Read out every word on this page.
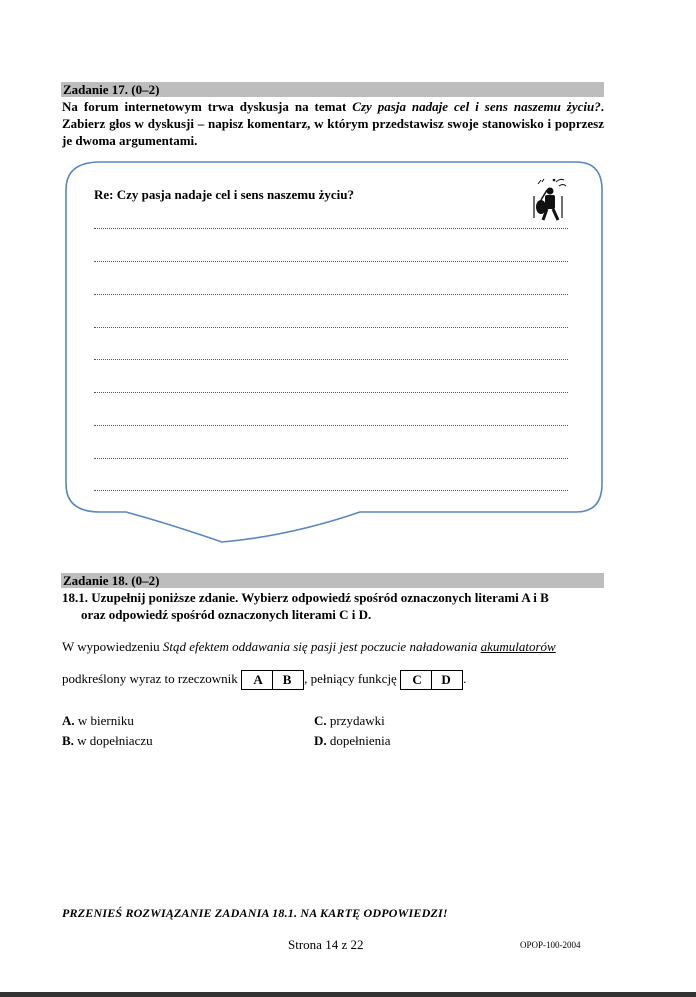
Zadanie 17. (0–2)
Na forum internetowym trwa dyskusja na temat Czy pasja nadaje cel i sens naszemu życiu?. Zabierz głos w dyskusji – napisz komentarz, w którym przedstawisz swoje stanowisko i poprzesz je dwoma argumentami.
Re: Czy pasja nadaje cel i sens naszemu życiu?
Zadanie 18. (0–2)
18.1. Uzupełnij poniższe zdanie. Wybierz odpowiedź spośród oznaczonych literami A i B
oraz odpowiedź spośród oznaczonych literami C i D.
W wypowiedzeniu Stąd efektem oddawania się pasji jest poczucie naładowania akumulatorów
podkreślony wyraz to rzeczownik A B , pełniący funkcję C D .
A. w bierniku
B. w dopełniaczu
C. przydawki
D. dopełnienia
PRZENIEŚ ROZWIĄZANIE ZADANIA 18.1. NA KARTĘ ODPOWIEDZI!
Strona 14 z 22	OPOP-100-2004
